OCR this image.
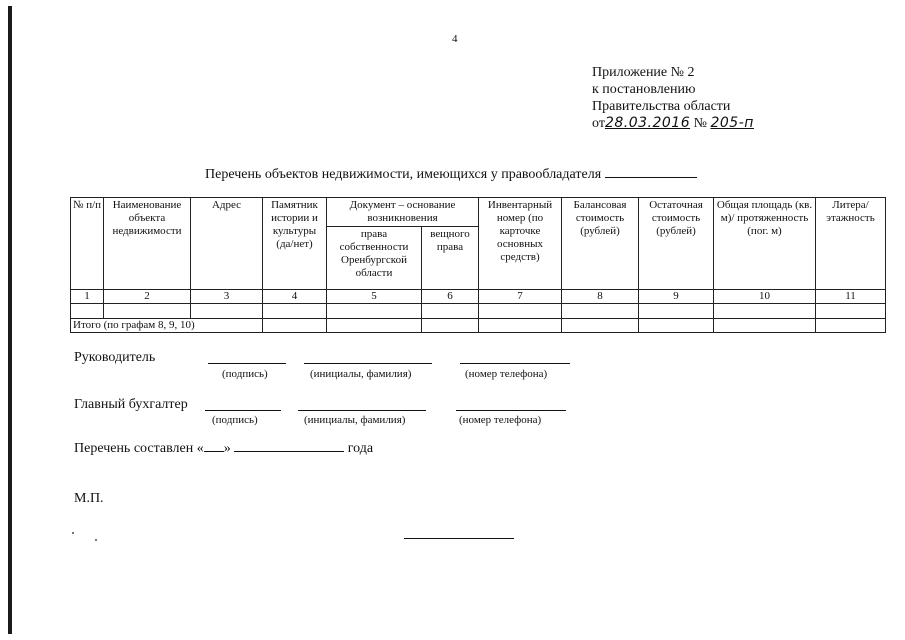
4
Приложение № 2
к постановлению
Правительства области
от28.03.2016 № 205-п
Перечень объектов недвижимости, имеющихся у правообладателя
№ п/п	Наименование объекта недвижимости	Адрес	Памятник истории и культуры (да/нет)	Документ – основание возникновения		Инвентарный номер (по карточке основных средств)	Балансовая стоимость (рублей)	Остаточная стоимость (рублей)	Общая площадь (кв. м)/ протяженность (пог. м)	Литера/ этажность
				права собственности Оренбургской области	вещного права					
1	2	3	4	5	6	7	8	9	10	11

Итого (по графам 8, 9, 10)										
Руководитель
(подпись)	(инициалы, фамилия)	(номер телефона)
Главный бухгалтер
(подпись)	(инициалы, фамилия)	(номер телефона)
Перечень составлен « »	года
М.П.
